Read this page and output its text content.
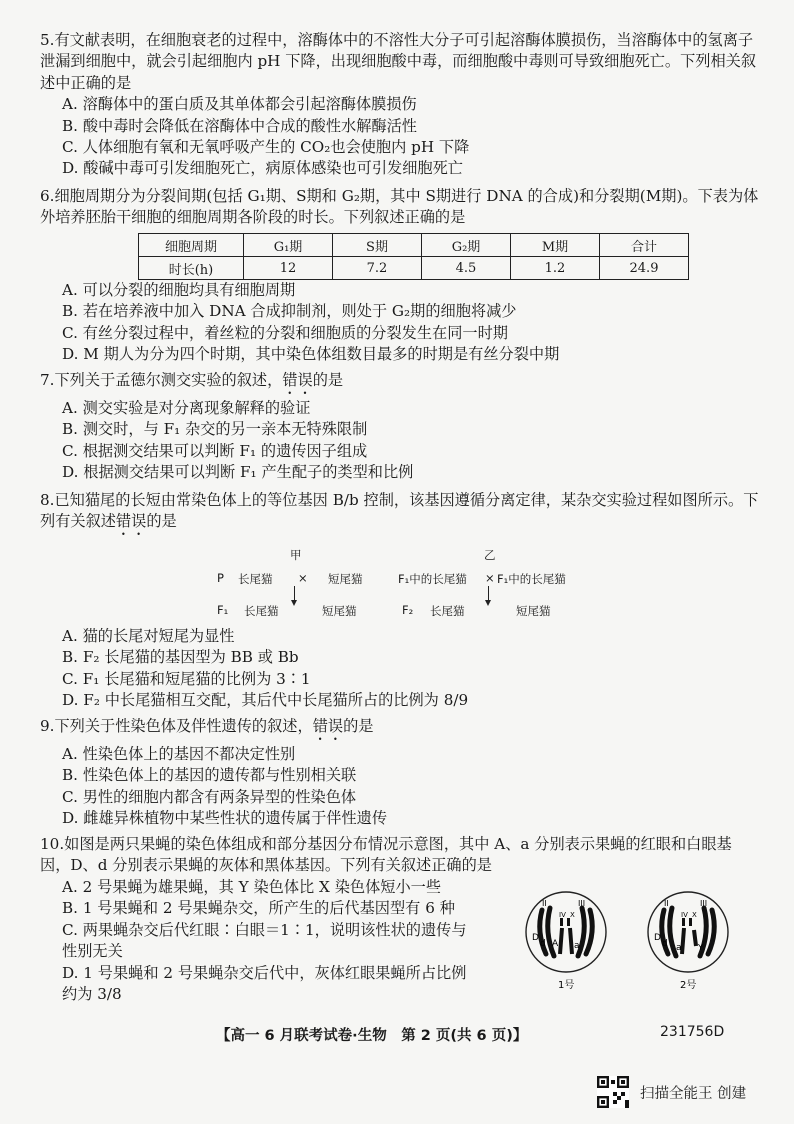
5.有文献表明，在细胞衰老的过程中，溶酶体中的不溶性大分子可引起溶酶体膜损伤，当溶酶体中的氢离子泄漏到细胞中，就会引起细胞内 pH 下降，出现细胞酸中毒，而细胞酸中毒则可导致细胞死亡。下列相关叙述中正确的是
A. 溶酶体中的蛋白质及其单体都会引起溶酶体膜损伤
B. 酸中毒时会降低在溶酶体中合成的酸性水解酶活性
C. 人体细胞有氧和无氧呼吸产生的 CO₂也会使胞内 pH 下降
D. 酸碱中毒可引发细胞死亡，病原体感染也可引发细胞死亡
6.细胞周期分为分裂间期(包括 G₁期、S期和 G₂期，其中 S期进行 DNA 的合成)和分裂期(M期)。下表为体外培养胚胎干细胞的细胞周期各阶段的时长。下列叙述正确的是
细胞周期	G₁期	S期	G₂期	M期	合计
时长(h)	12	7.2	4.5	1.2	24.9
A. 可以分裂的细胞均具有细胞周期
B. 若在培养液中加入 DNA 合成抑制剂，则处于 G₂期的细胞将减少
C. 有丝分裂过程中，着丝粒的分裂和细胞质的分裂发生在同一时期
D. M 期人为分为四个时期，其中染色体组数目最多的时期是有丝分裂中期
7.下列关于孟德尔测交实验的叙述，错误的是
A. 测交实验是对分离现象解释的验证
B. 测交时，与 F₁ 杂交的另一亲本无特殊限制
C. 根据测交结果可以判断 F₁ 的遗传因子组成
D. 根据测交结果可以判断 F₁ 产生配子的类型和比例
8.已知猫尾的长短由常染色体上的等位基因 B/b 控制，该基因遵循分离定律，某杂交实验过程如图所示。下列有关叙述错误的是
甲
P 长尾猫 × 短尾猫
F₁ 长尾猫	短尾猫
乙
F₁中的长尾猫 × F₁中的长尾猫
F₂ 长尾猫	短尾猫
A. 猫的长尾对短尾为显性
B. F₂ 长尾猫的基因型为 BB 或 Bb
C. F₁ 长尾猫和短尾猫的比例为 3∶1
D. F₂ 中长尾猫相互交配，其后代中长尾猫所占的比例为 8/9
9.下列关于性染色体及伴性遗传的叙述，错误的是
A. 性染色体上的基因不都决定性别
B. 性染色体上的基因的遗传都与性别相关联
C. 男性的细胞内都含有两条异型的性染色体
D. 雌雄异株植物中某些性状的遗传属于伴性遗传
10.如图是两只果蝇的染色体组成和部分基因分布情况示意图，其中 A、a 分别表示果蝇的红眼和白眼基因，D、d 分别表示果蝇的灰体和黑体基因。下列有关叙述正确的是
A. 2 号果蝇为雄果蝇，其 Y 染色体比 X 染色体短小一些
B. 1 号果蝇和 2 号果蝇杂交，所产生的后代基因型有 6 种
C. 两果蝇杂交后代红眼∶白眼＝1∶1，说明该性状的遗传与性别无关
D. 1 号果蝇和 2 号果蝇杂交后代中，灰体红眼果蝇所占比例约为 3/8
II	III
IV X
D
d A a
1号
II	III
IV X
D
d a Y
2号
【高一 6 月联考试卷·生物　第 2 页(共 6 页)】	231756D
扫描全能王 创建
